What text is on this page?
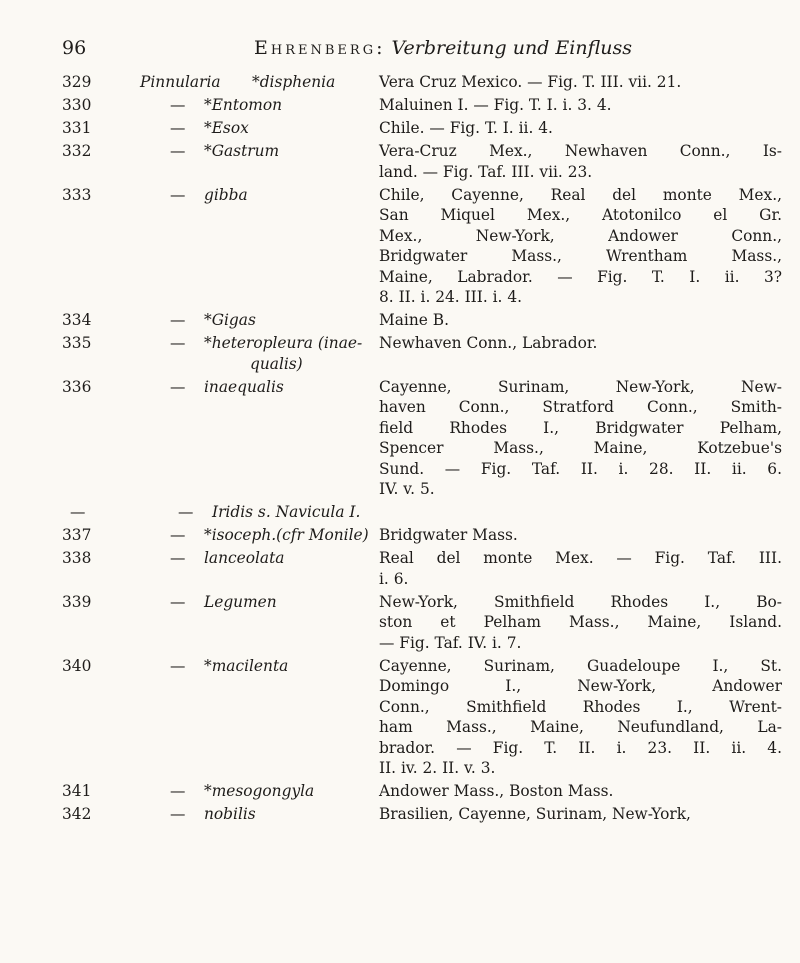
96	Ehrenberg: Verbreitung und Einfluss
329	Pinnularia	*disphenia	Vera Cruz Mexico. — Fig. T. III. vii. 21.
330	—	*Entomon	Maluinen I. — Fig. T. I. i. 3. 4.
331	—	*Esox	Chile. — Fig. T. I. ii. 4.
332	—	*Gastrum	Vera-Cruz Mex., Newhaven Conn., Is-
land. — Fig. Taf. III. vii. 23.
333	—	gibba	Chile, Cayenne, Real del monte Mex.,
San Miquel Mex., Atotonilco el Gr.
Mex., New-York, Andower Conn.,
Bridgwater Mass., Wrentham Mass.,
Maine, Labrador. — Fig. T. I. ii. 3?
8. II. i. 24. III. i. 4.
334	—	*Gigas	Maine B.
335	—	*heteropleura (inae-	Newhaven Conn., Labrador.
qualis)
336	—	inaequalis	Cayenne, Surinam, New-York, New-
haven Conn., Stratford Conn., Smith-
field Rhodes I., Bridgwater Pelham,
Spencer Mass., Maine, Kotzebue's
Sund. — Fig. Taf. II. i. 28. II. ii. 6.
IV. v. 5.
—	—	Iridis s. Navicula I.
337	—	*isoceph.(cfr Monile) Bridgwater Mass.
338	—	lanceolata	Real del monte Mex. — Fig. Taf. III.
i. 6.
339	—	Legumen	New-York, Smithfield Rhodes I., Bo-
ston et Pelham Mass., Maine, Island.
— Fig. Taf. IV. i. 7.
340	—	*macilenta	Cayenne, Surinam, Guadeloupe I., St.
Domingo I., New-York, Andower
Conn., Smithfield Rhodes I., Wrent-
ham Mass., Maine, Neufundland, La-
brador. — Fig. T. II. i. 23. II. ii. 4.
II. iv. 2. II. v. 3.
341	—	*mesogongyla	Andower Mass., Boston Mass.
342	—	nobilis	Brasilien, Cayenne, Surinam, New-York,
